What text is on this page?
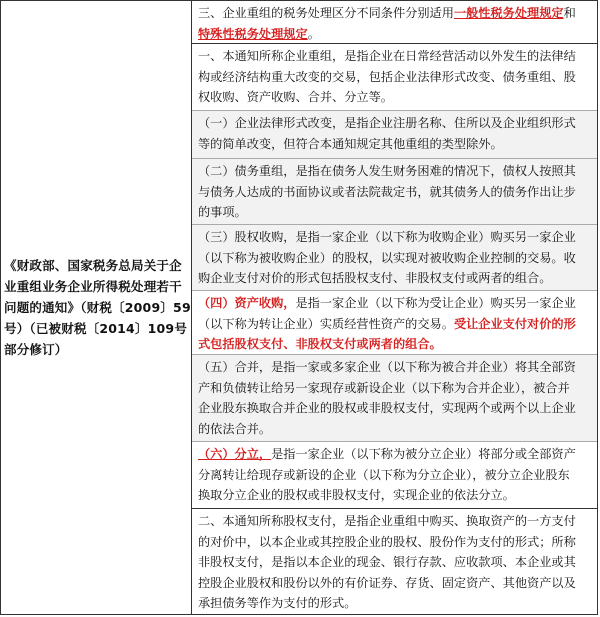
《财政部、国家税务总局关于企
业重组业务企业所得税处理若干
问题的通知》（财税〔2009〕59
号）（已被财税〔2014〕109号
部分修订）
三、企业重组的税务处理区分不同条件分别适用一般性税务处理规定和
特殊性税务处理规定。
一、本通知所称企业重组，是指企业在日常经营活动以外发生的法律结
构或经济结构重大改变的交易，包括企业法律形式改变、债务重组、股
权收购、资产收购、合并、分立等。
（一）企业法律形式改变，是指企业注册名称、住所以及企业组织形式
等的简单改变，但符合本通知规定其他重组的类型除外。
（二）债务重组，是指在债务人发生财务困难的情况下，债权人按照其
与债务人达成的书面协议或者法院裁定书，就其债务人的债务作出让步
的事项。
（三）股权收购，是指一家企业（以下称为收购企业）购买另一家企业
（以下称为被收购企业）的股权，以实现对被收购企业控制的交易。收
购企业支付对价的形式包括股权支付、非股权支付或两者的组合。
（四）资产收购，是指一家企业（以下称为受让企业）购买另一家企业
（以下称为转让企业）实质经营性资产的交易。受让企业支付对价的形
式包括股权支付、非股权支付或两者的组合。
（五）合并，是指一家或多家企业（以下称为被合并企业）将其全部资
产和负债转让给另一家现存或新设企业（以下称为合并企业），被合并
企业股东换取合并企业的股权或非股权支付，实现两个或两个以上企业
的依法合并。
（六）分立，是指一家企业（以下称为被分立企业）将部分或全部资产
分离转让给现存或新设的企业（以下称为分立企业），被分立企业股东
换取分立企业的股权或非股权支付，实现企业的依法分立。
二、本通知所称股权支付，是指企业重组中购买、换取资产的一方支付
的对价中，以本企业或其控股企业的股权、股份作为支付的形式；所称
非股权支付，是指以本企业的现金、银行存款、应收款项、本企业或其
控股企业股权和股份以外的有价证券、存货、固定资产、其他资产以及
承担债务等作为支付的形式。
